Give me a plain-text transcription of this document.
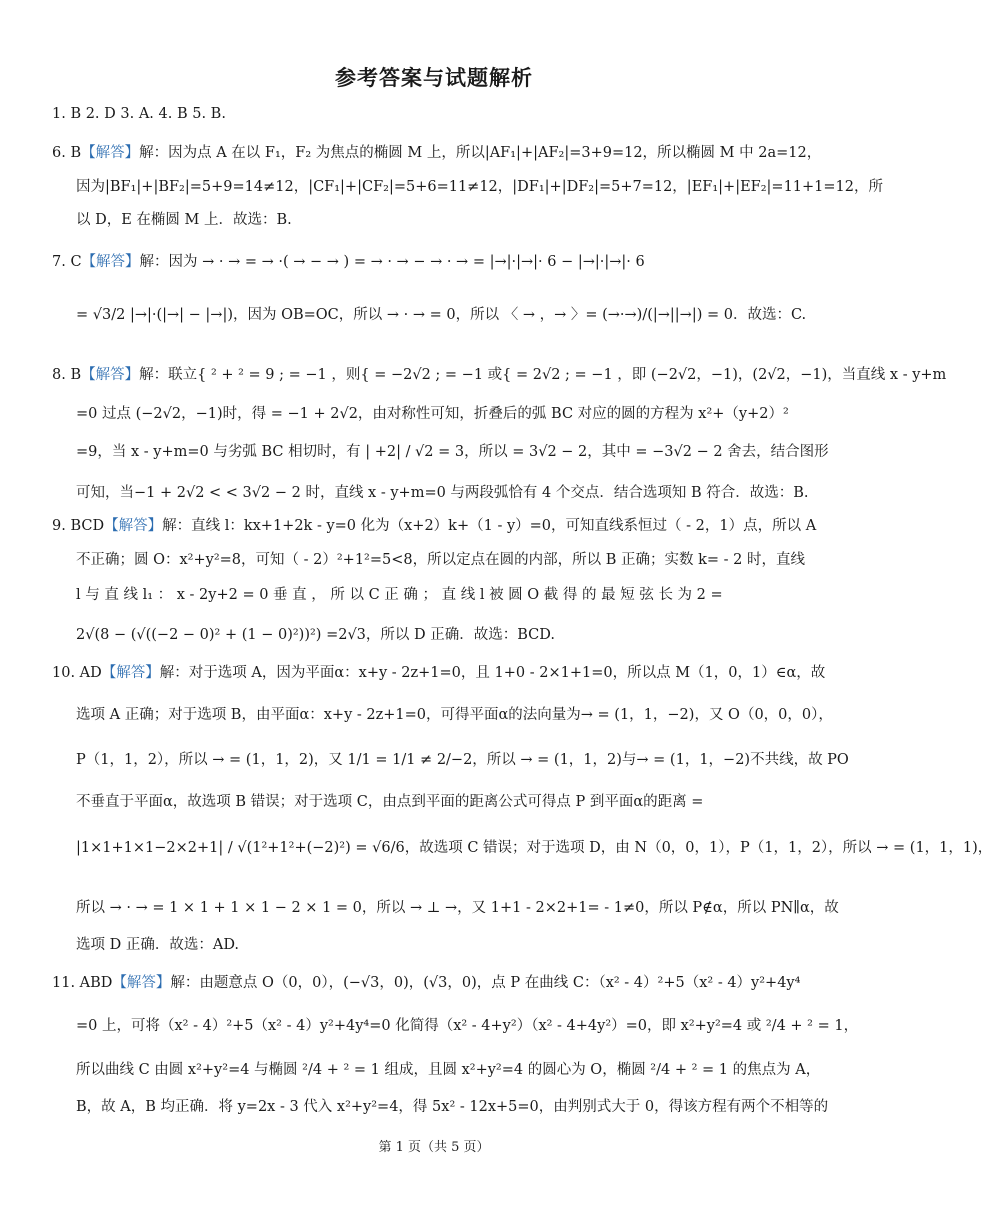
参考答案与试题解析
1. B 2. D 3. A. 4. B 5. B.
6. B【解答】解：因为点 A 在以 F₁，F₂ 为焦点的椭圆 M 上，所以|AF₁|+|AF₂|=3+9=12，所以椭圆 M 中 2a=12，
因为|BF₁|+|BF₂|=5+9=14≠12，|CF₁|+|CF₂|=5+6=11≠12，|DF₁|+|DF₂|=5+7=12，|EF₁|+|EF₂|=11+1=12，所
以 D，E 在椭圆 M 上．故选：B.
7. C【解答】解：因为 → · → = → ·( → − → ) = → · → − → · → = |→|·|→|· 6 − |→|·|→|· 6
= √3/2 |→|·(|→| − |→|)，因为 OB=OC，所以 → · → = 0，所以 〈 → ，→ 〉= (→·→)/(|→||→|) = 0．故选：C.
8. B【解答】解：联立{ ² + ² = 9 ; = −1 ，则{ = −2√2 ; = −1 或{ = 2√2 ; = −1 ，即 (−2√2，−1)，(2√2，−1)，当直线 x - y+m
=0 过点 (−2√2，−1)时，得 = −1 + 2√2，由对称性可知，折叠后的弧 BC 对应的圆的方程为 x²+（y+2）²
=9，当 x - y+m=0 与劣弧 BC 相切时，有 | +2| / √2 = 3，所以 = 3√2 − 2，其中 = −3√2 − 2 舍去，结合图形
可知，当−1 + 2√2 < < 3√2 − 2 时，直线 x - y+m=0 与两段弧恰有 4 个交点．结合选项知 B 符合．故选：B.
9. BCD【解答】解：直线 l：kx+1+2k - y=0 化为（x+2）k+（1 - y）=0，可知直线系恒过（ - 2，1）点，所以 A
不正确；圆 O：x²+y²=8，可知（ - 2）²+1²=5<8，所以定点在圆的内部，所以 B 正确；实数 k= - 2 时，直线
l 与 直 线 l₁ ： x - 2y+2 = 0 垂 直 ， 所 以 C 正 确 ； 直 线 l 被 圆 O 截 得 的 最 短 弦 长 为 2 =
2√(8 − (√((−2 − 0)² + (1 − 0)²))²) =2√3，所以 D 正确．故选：BCD.
10. AD【解答】解：对于选项 A，因为平面α：x+y - 2z+1=0，且 1+0 - 2×1+1=0，所以点 M（1，0，1）∈α，故
选项 A 正确；对于选项 B，由平面α：x+y - 2z+1=0，可得平面α的法向量为→ = (1，1，−2)，又 O（0，0，0），
P（1，1，2），所以 → = (1，1，2)，又 1/1 = 1/1 ≠ 2/−2，所以 → = (1，1，2)与→ = (1，1，−2)不共线，故 PO
不垂直于平面α，故选项 B 错误；对于选项 C，由点到平面的距离公式可得点 P 到平面α的距离 =
|1×1+1×1−2×2+1| / √(1²+1²+(−2)²) = √6/6，故选项 C 错误；对于选项 D，由 N（0，0，1），P（1，1，2），所以 → = (1，1，1)，
所以 → · → = 1 × 1 + 1 × 1 − 2 × 1 = 0，所以 → ⊥ →，又 1+1 - 2×2+1= - 1≠0，所以 P∉α，所以 PN∥α，故
选项 D 正确．故选：AD.
11. ABD【解答】解：由题意点 O（0，0），(−√3，0)，(√3，0)，点 P 在曲线 C：（x² - 4）²+5（x² - 4）y²+4y⁴
=0 上，可将（x² - 4）²+5（x² - 4）y²+4y⁴=0 化简得（x² - 4+y²）（x² - 4+4y²）=0，即 x²+y²=4 或 ²/4 + ² = 1，
所以曲线 C 由圆 x²+y²=4 与椭圆 ²/4 + ² = 1 组成，且圆 x²+y²=4 的圆心为 O，椭圆 ²/4 + ² = 1 的焦点为 A，
B，故 A，B 均正确．将 y=2x - 3 代入 x²+y²=4，得 5x² - 12x+5=0，由判别式大于 0，得该方程有两个不相等的
第 1 页（共 5 页）
